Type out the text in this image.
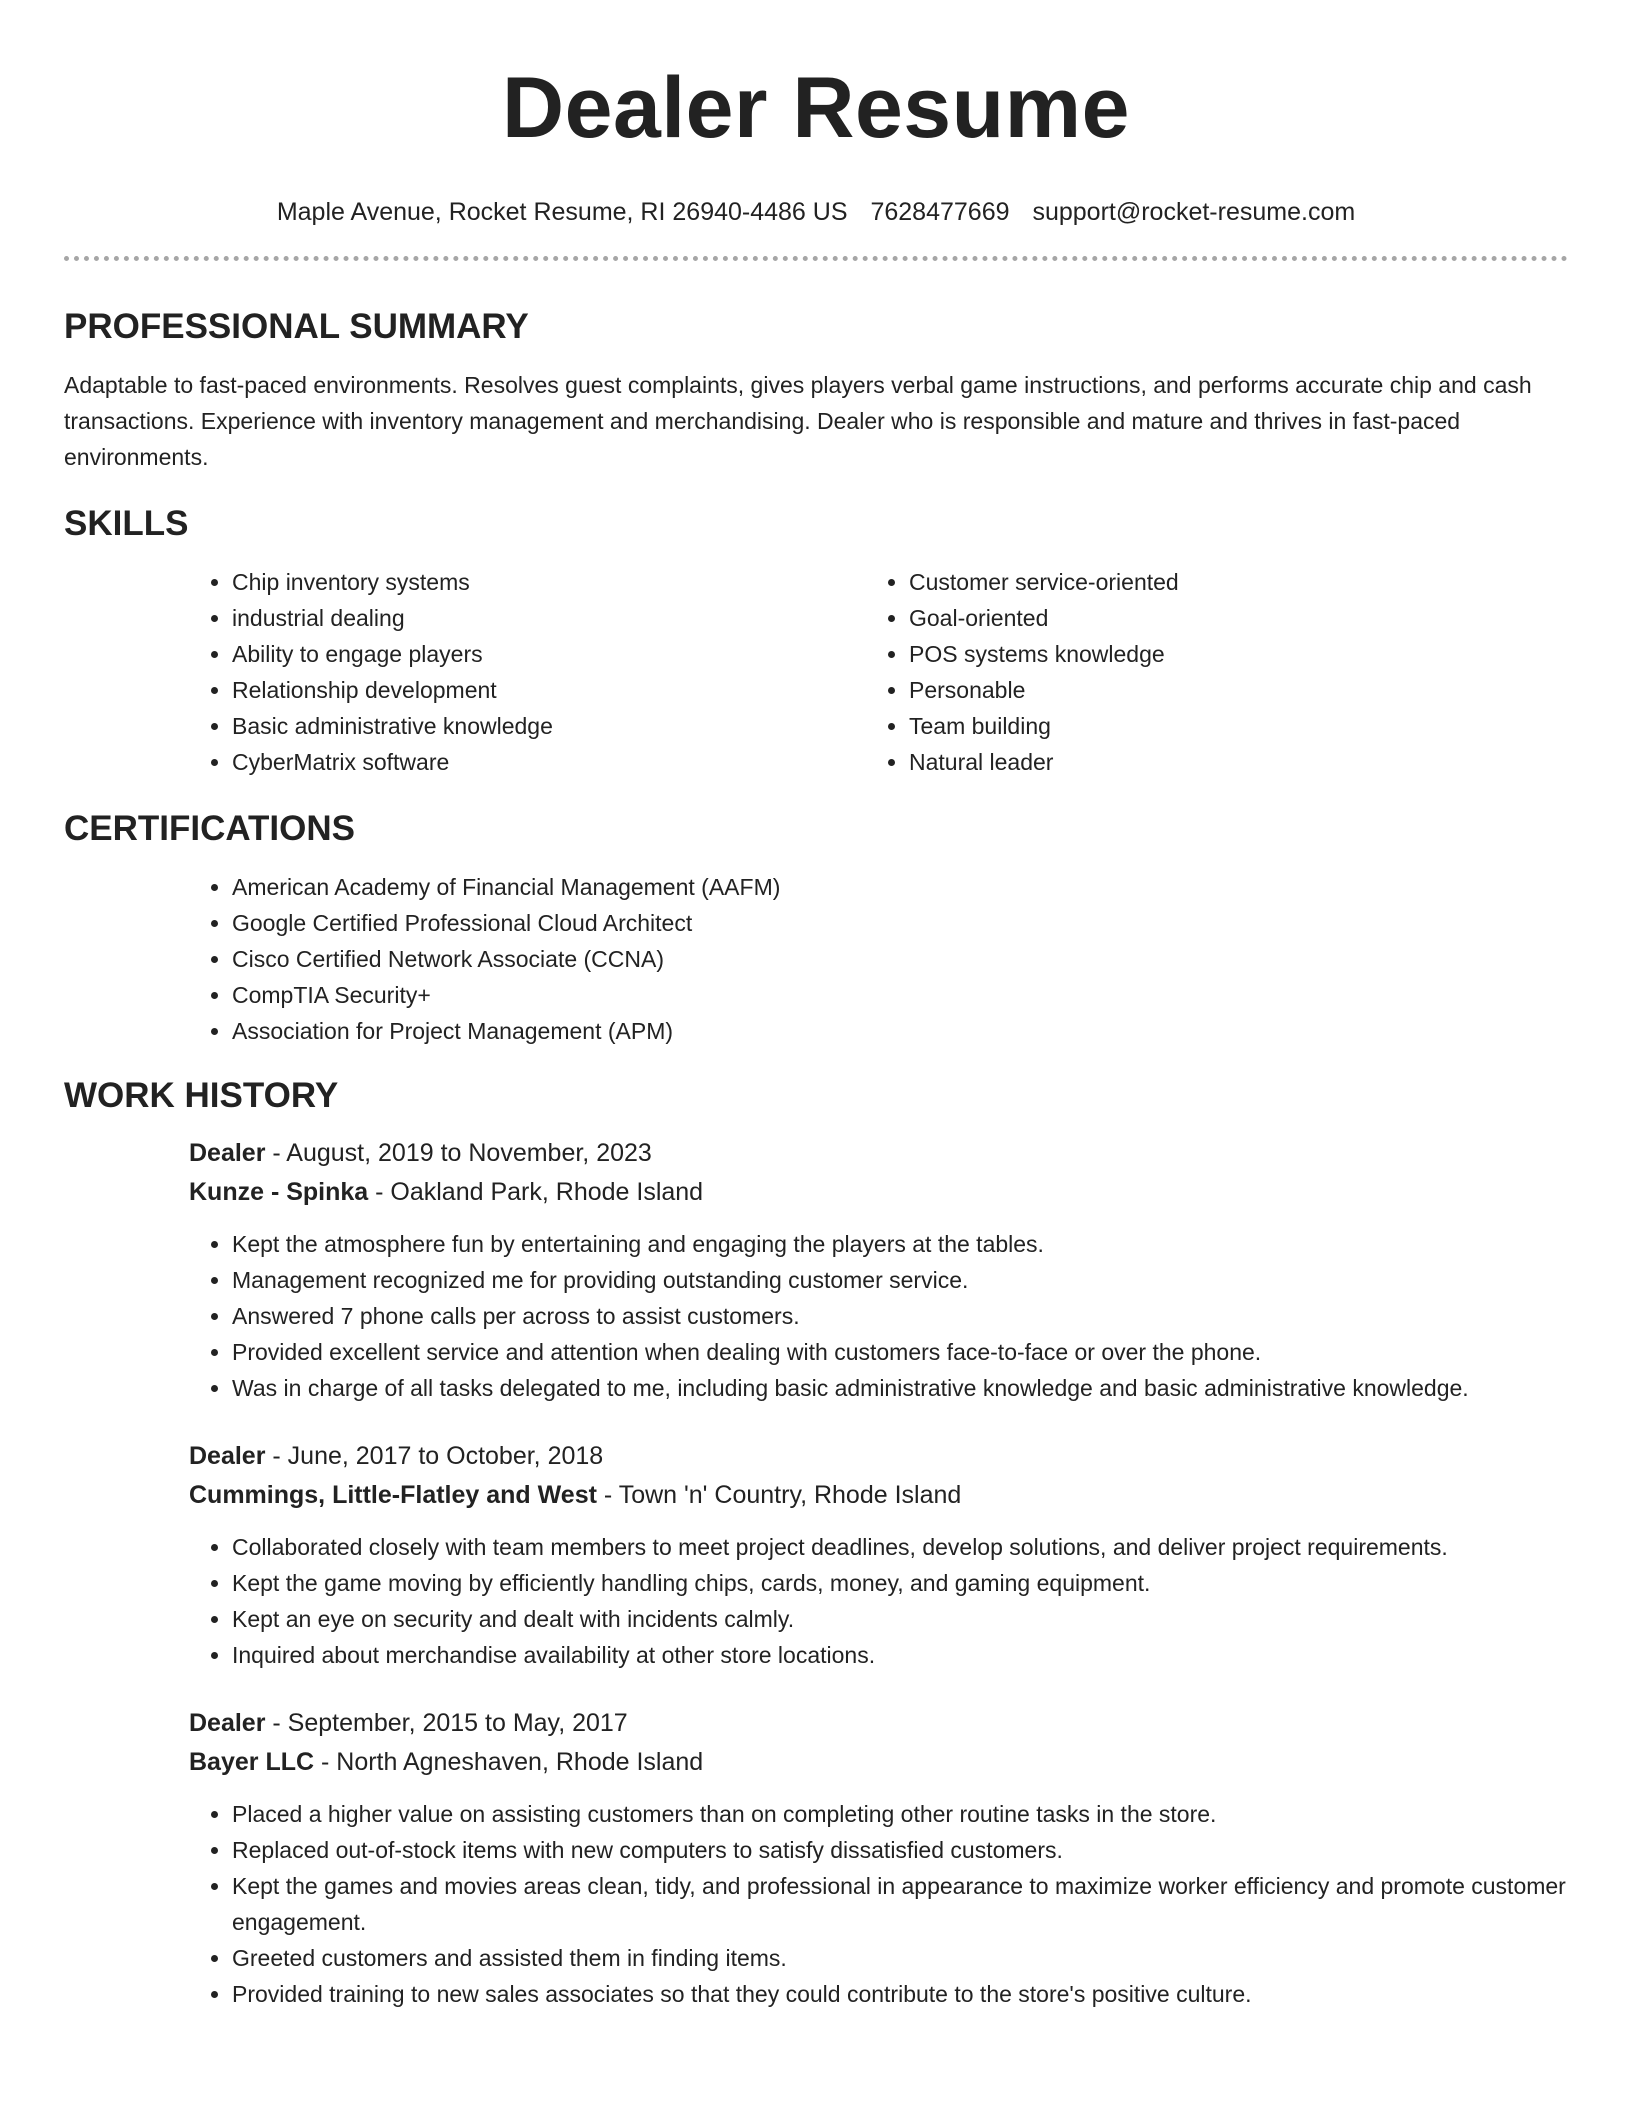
Dealer Resume
Maple Avenue, Rocket Resume, RI 26940-4486 US 7628477669 support@rocket-resume.com
PROFESSIONAL SUMMARY

Adaptable to fast-paced environments. Resolves guest complaints, gives players verbal game instructions, and performs accurate chip and cash transactions. Experience with inventory management and merchandising. Dealer who is responsible and mature and thrives in fast-paced environments.

SKILLS
• Chip inventory systems
• industrial dealing
• Ability to engage players
• Relationship development
• Basic administrative knowledge
• CyberMatrix software
• Customer service-oriented
• Goal-oriented
• POS systems knowledge
• Personable
• Team building
• Natural leader
CERTIFICATIONS
• American Academy of Financial Management (AAFM)
• Google Certified Professional Cloud Architect
• Cisco Certified Network Associate (CCNA)
• CompTIA Security+
• Association for Project Management (APM)
WORK HISTORY
Dealer - August, 2019 to November, 2023
Kunze - Spinka - Oakland Park, Rhode Island
• Kept the atmosphere fun by entertaining and engaging the players at the tables.
• Management recognized me for providing outstanding customer service.
• Answered 7 phone calls per across to assist customers.
• Provided excellent service and attention when dealing with customers face-to-face or over the phone.
• Was in charge of all tasks delegated to me, including basic administrative knowledge and basic administrative knowledge.
Dealer - June, 2017 to October, 2018
Cummings, Little-Flatley and West - Town 'n' Country, Rhode Island
• Collaborated closely with team members to meet project deadlines, develop solutions, and deliver project requirements.
• Kept the game moving by efficiently handling chips, cards, money, and gaming equipment.
• Kept an eye on security and dealt with incidents calmly.
• Inquired about merchandise availability at other store locations.
Dealer - September, 2015 to May, 2017
Bayer LLC - North Agneshaven, Rhode Island
• Placed a higher value on assisting customers than on completing other routine tasks in the store.
• Replaced out-of-stock items with new computers to satisfy dissatisfied customers.
• Kept the games and movies areas clean, tidy, and professional in appearance to maximize worker efficiency and promote customer engagement.
• Greeted customers and assisted them in finding items.
• Provided training to new sales associates so that they could contribute to the store's positive culture.
